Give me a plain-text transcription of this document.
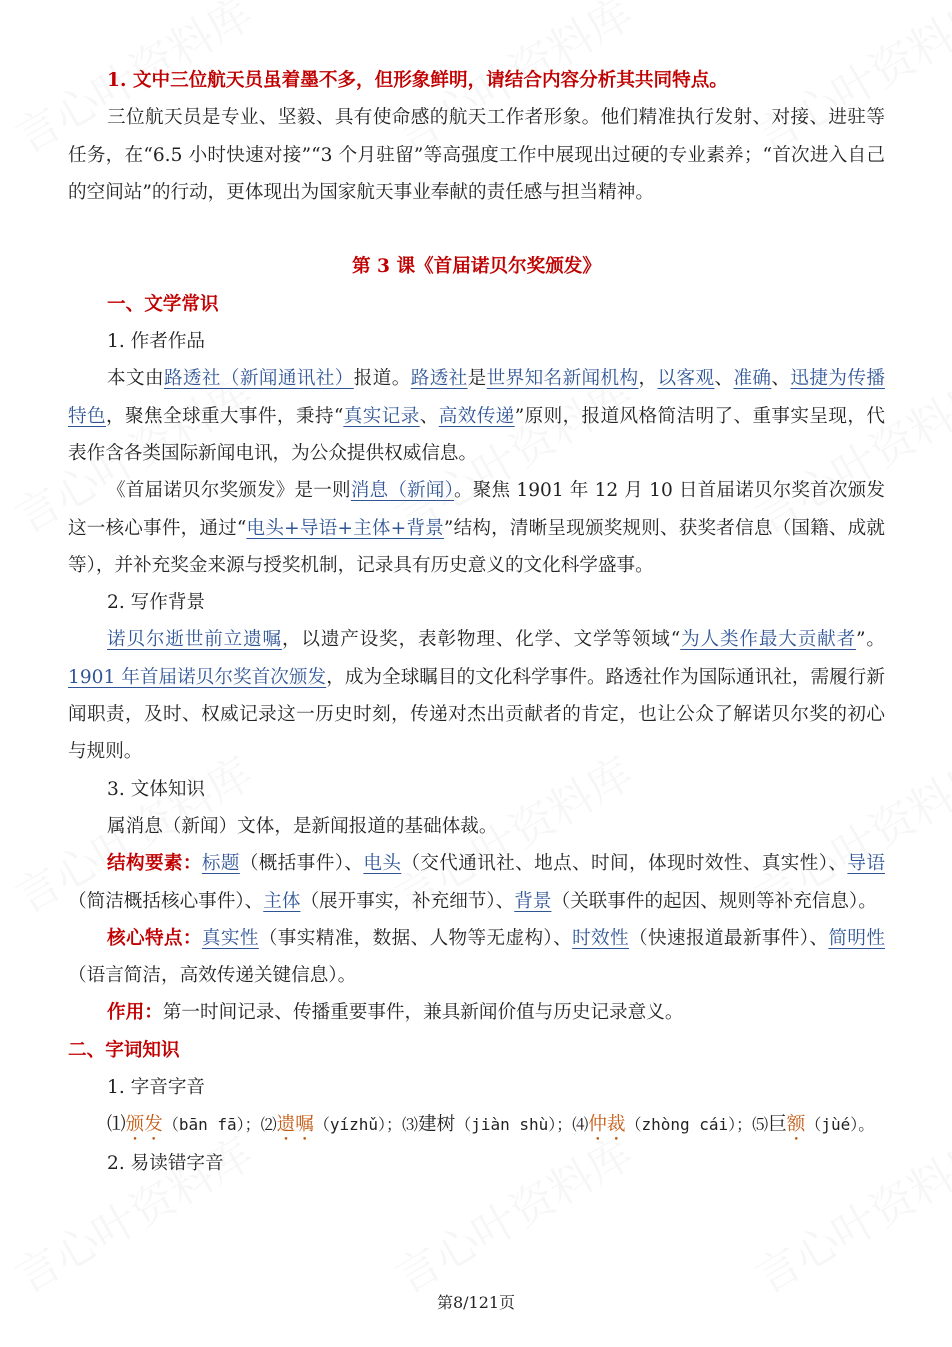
1. 文中三位航天员虽着墨不多，但形象鲜明，请结合内容分析其共同特点。

三位航天员是专业、坚毅、具有使命感的航天工作者形象。他们精准执行发射、对接、进驻等任务，在“6.5 小时快速对接”“3 个月驻留”等高强度工作中展现出过硬的专业素养；“首次进入自己的空间站”的行动，更体现出为国家航天事业奉献的责任感与担当精神。

第 3 课《首届诺贝尔奖颁发》

一、文学常识

1. 作者作品

本文由路透社（新闻通讯社）报道。路透社是世界知名新闻机构，以客观、准确、迅捷为传播特色，聚焦全球重大事件，秉持“真实记录、高效传递”原则，报道风格简洁明了、重事实呈现，代表作含各类国际新闻电讯，为公众提供权威信息。

《首届诺贝尔奖颁发》是一则消息（新闻）。聚焦 1901 年 12 月 10 日首届诺贝尔奖首次颁发这一核心事件，通过“电头+导语+主体+背景”结构，清晰呈现颁奖规则、获奖者信息（国籍、成就等），并补充奖金来源与授奖机制，记录具有历史意义的文化科学盛事。

2. 写作背景

诺贝尔逝世前立遗嘱，以遗产设奖，表彰物理、化学、文学等领域“为人类作最大贡献者”。1901 年首届诺贝尔奖首次颁发，成为全球瞩目的文化科学事件。路透社作为国际通讯社，需履行新闻职责，及时、权威记录这一历史时刻，传递对杰出贡献者的肯定，也让公众了解诺贝尔奖的初心与规则。

3. 文体知识

属消息（新闻）文体，是新闻报道的基础体裁。

结构要素：标题（概括事件）、电头（交代通讯社、地点、时间，体现时效性、真实性）、导语（简洁概括核心事件）、主体（展开事实，补充细节）、背景（关联事件的起因、规则等补充信息）。

核心特点：真实性（事实精准，数据、人物等无虚构）、时效性（快速报道最新事件）、简明性（语言简洁，高效传递关键信息）。

作用：第一时间记录、传播重要事件，兼具新闻价值与历史记录意义。

二、字词知识

1. 字音字音

⑴颁发（bān fā）；⑵遗嘱（yízhǔ）；⑶建树（jiàn shù）；⑷仲裁（zhòng cái）；⑸巨额（jùé）。

2. 易读错字音

第8/121页
